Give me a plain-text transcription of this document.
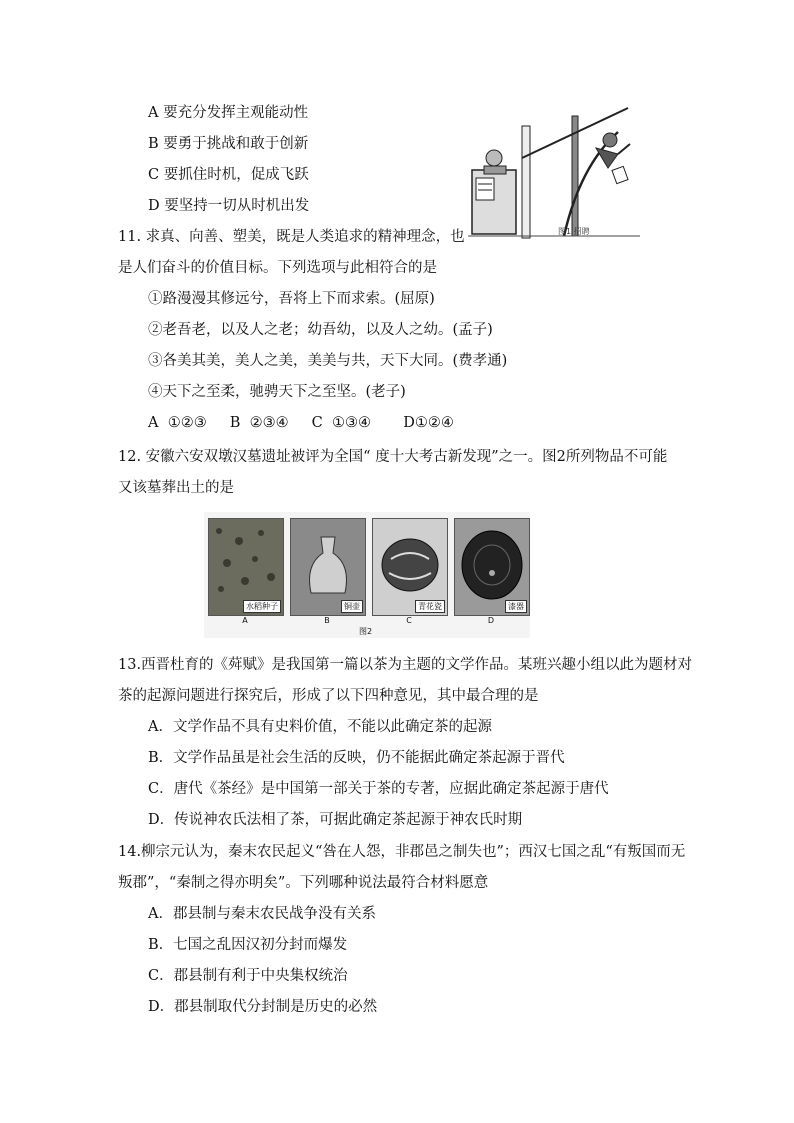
A 要充分发挥主观能动性
B 要勇于挑战和敢于创新
C 要抓住时机，促成飞跃
D 要坚持一切从时机出发
图1 招聘
11. 求真、向善、塑美，既是人类追求的精神理念，也
是人们奋斗的价值目标。下列选项与此相符合的是
①路漫漫其修远兮，吾将上下而求索。(屈原)
②老吾老，以及人之老；幼吾幼，以及人之幼。(孟子)
③各美其美，美人之美，美美与共，天下大同。(费孝通)
④天下之至柔，驰骋天下之至坚。(老子)
A  ①②③     B  ②③④     C  ①③④       D①②④
12. 安徽六安双墩汉墓遗址被评为全国“ 度十大考古新发现”之一。图2所列物品不可能
又该墓葬出土的是
水稻种子
A
铜壶
B
青花瓷
C
漆器
D
图2
13.西晋杜育的《荈赋》是我国第一篇以茶为主题的文学作品。某班兴趣小组以此为题材对
茶的起源问题进行探究后，形成了以下四种意见，其中最合理的是
A．文学作品不具有史料价值，不能以此确定茶的起源
B．文学作品虽是社会生活的反映，仍不能据此确定茶起源于晋代
C．唐代《茶经》是中国第一部关于茶的专著，应据此确定茶起源于唐代
D．传说神农氏法相了茶，可据此确定茶起源于神农氏时期
14.柳宗元认为，秦末农民起义“咎在人怨，非郡邑之制失也”；西汉七国之乱“有叛国而无
叛郡”，“秦制之得亦明矣”。下列哪种说法最符合材料愿意
A．郡县制与秦末农民战争没有关系
B．七国之乱因汉初分封而爆发
C．郡县制有利于中央集权统治
D．郡县制取代分封制是历史的必然
